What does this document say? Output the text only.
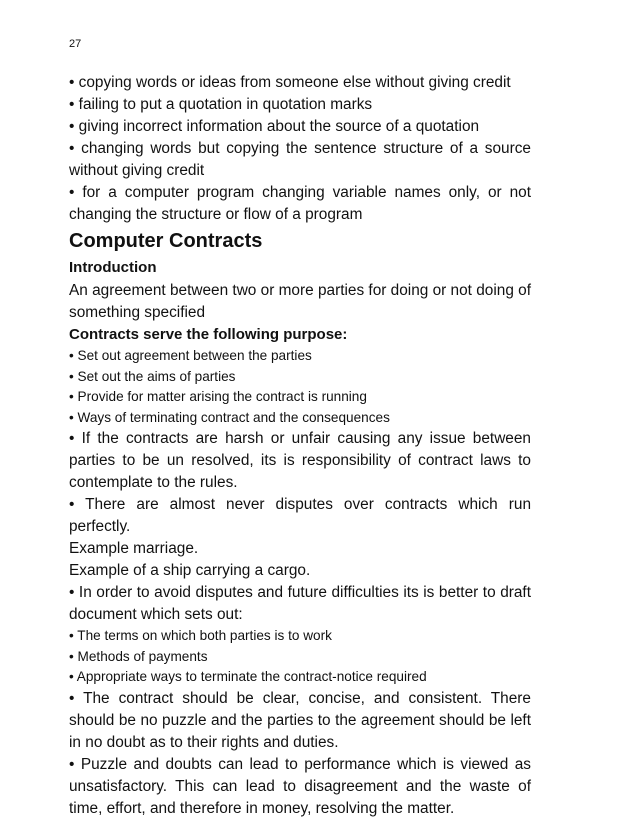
27

• copying words or ideas from someone else without giving credit

• failing to put a quotation in quotation marks

• giving incorrect information about the source of a quotation

• changing words but copying the sentence structure of a source without giving credit

• for a computer program changing variable names only, or not changing the structure or flow of a program

Computer Contracts
Introduction

An agreement between two or more parties for doing or not doing of something specified

Contracts serve the following purpose:

• Set out agreement between the parties

• Set out the aims of parties

• Provide for matter arising the contract is running

• Ways of terminating contract and the consequences

• If the contracts are harsh or unfair causing any issue between parties to be un resolved, its is responsibility of contract laws to contemplate to the rules.

• There are almost never disputes over contracts which run perfectly.

Example marriage.

Example of a ship carrying a cargo.

• In order to avoid disputes and future difficulties its is better to draft document which sets out:

• The terms on which both parties is to work

• Methods of payments

• Appropriate ways to terminate the contract-notice required

• The contract should be clear, concise, and consistent. There should be no puzzle and the parties to the agreement should be left in no doubt as to their rights and duties.

• Puzzle and doubts can lead to performance which is viewed as unsatisfactory. This can lead to disagreement and the waste of time, effort, and therefore in money, resolving the matter.
